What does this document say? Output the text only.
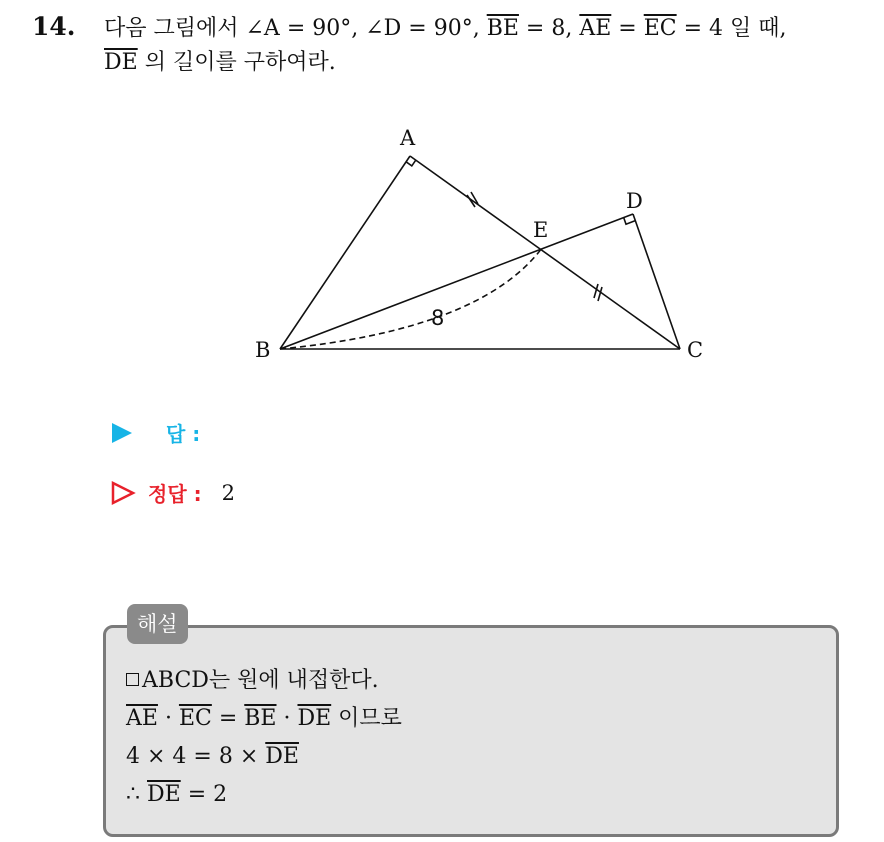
14. 다음 그림에서 ∠A = 90°, ∠D = 90°, $\overline{BE} = 8$, $\overline{AE} = \overline{EC} = 4$ 일 때,
$\overline{DE}$ 의 길이를 구하여라.
A
B	C
D
E
8
답 :
정답 : 2
해설
ABCD는 원에 내접한다.
$\overline{AE} \cdot \overline{EC} = \overline{BE} \cdot \overline{DE}$ 이므로
$4 \times 4 = 8 \times \overline{DE}$
∴ $\overline{DE} = 2$
